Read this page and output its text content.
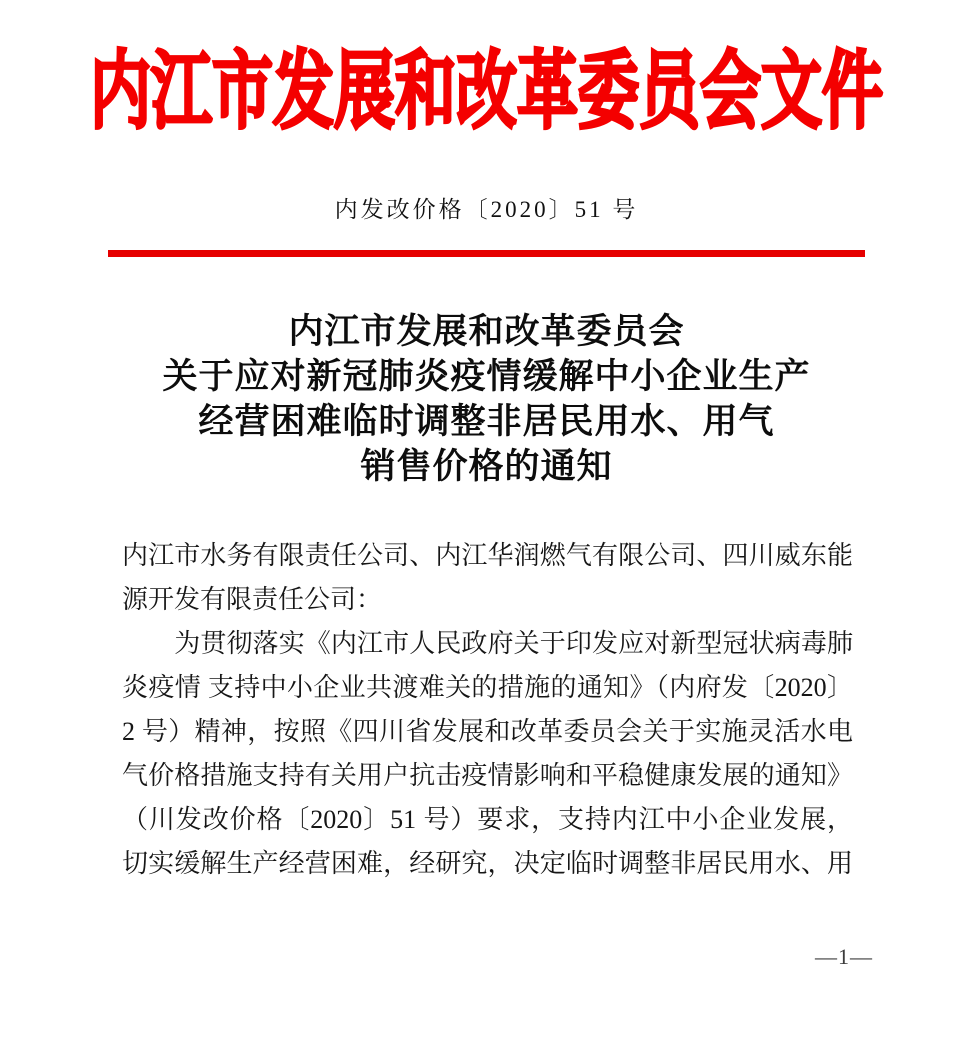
内江市发展和改革委员会文件
内发改价格〔2020〕51 号
内江市发展和改革委员会
关于应对新冠肺炎疫情缓解中小企业生产
经营困难临时调整非居民用水、用气
销售价格的通知
内江市水务有限责任公司、内江华润燃气有限公司、四川威东能
源开发有限责任公司：
　　为贯彻落实《内江市人民政府关于印发应对新型冠状病毒肺
炎疫情 支持中小企业共渡难关的措施的通知》（内府发〔2020〕
2 号）精神，按照《四川省发展和改革委员会关于实施灵活水电
气价格措施支持有关用户抗击疫情影响和平稳健康发展的通知》
（川发改价格〔2020〕51 号）要求，支持内江中小企业发展，
切实缓解生产经营困难，经研究，决定临时调整非居民用水、用
—1—
